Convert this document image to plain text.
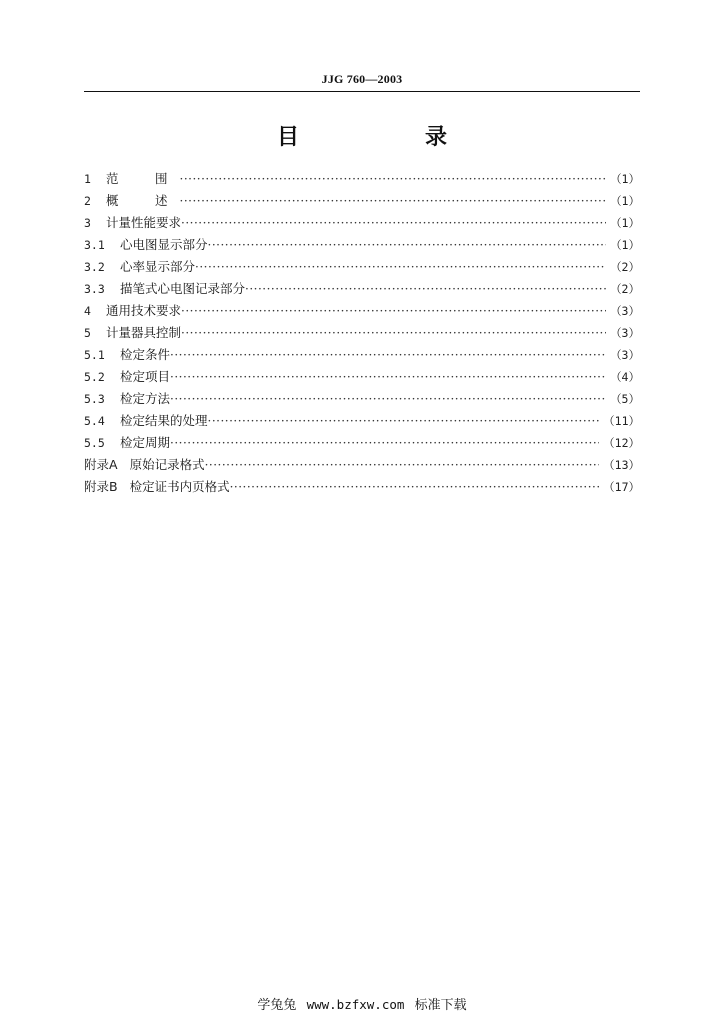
JJG 760—2003
目　录
1	范　围 ·····	（1）
2	概　述 ·····	（1）
3	计量性能要求 ·····	（1）
3.1	心电图显示部分 ·····	（1）
3.2	心率显示部分 ·····	（2）
3.3	描笔式心电图记录部分 ·····	（2）
4	通用技术要求 ·····	（3）
5	计量器具控制 ·····	（3）
5.1	检定条件 ·····	（3）
5.2	检定项目 ·····	（4）
5.3	检定方法 ·····	（5）
5.4	检定结果的处理 ·····	（11）
5.5	检定周期 ·····	（12）
附录A 原始记录格式 ·····	（13）
附录B 检定证书内页格式 ·····	（17）
学兔兔 www.bzfxw.com 标准下载
